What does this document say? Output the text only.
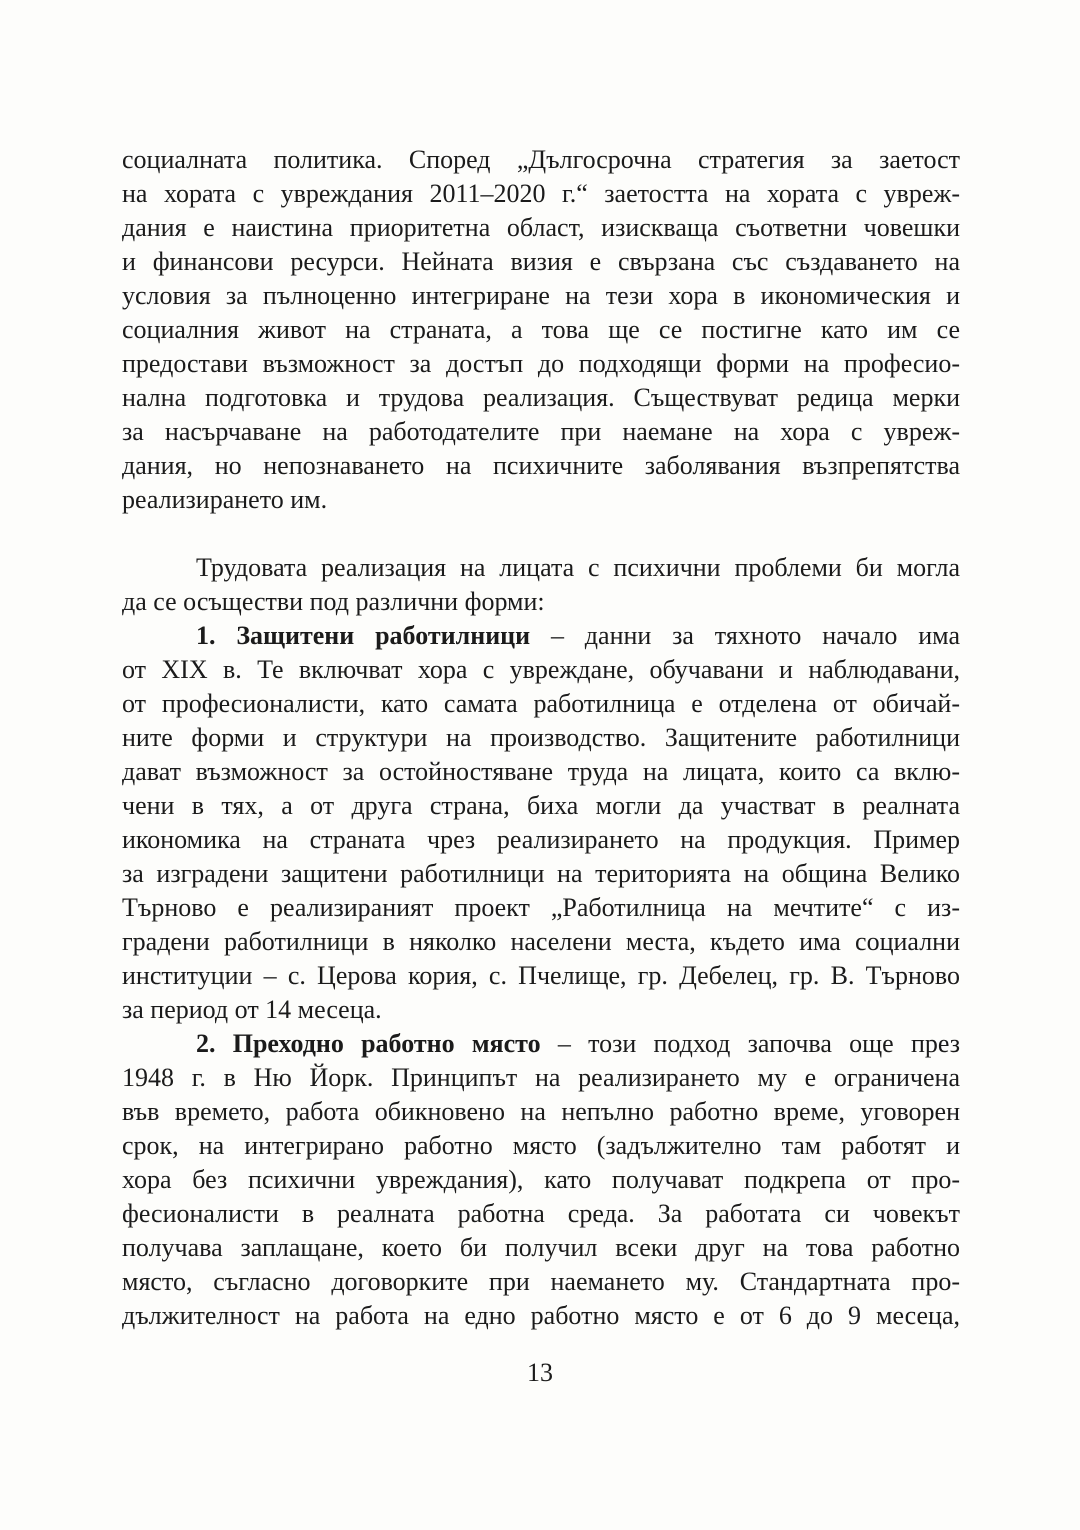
социалната политика. Според „Дългосрочна стратегия за заетост
на хората с увреждания 2011–2020 г.“ заетостта на хората с увреж-
дания е наистина приоритетна област, изискваща съответни човешки
и финансови ресурси. Нейната визия е свързана със създаването на
условия за пълноценно интегриране на тези хора в икономическия и
социалния живот на страната, а това ще се постигне като им се
предостави възможност за достъп до подходящи форми на професио-
нална подготовка и трудова реализация. Съществуват редица мерки
за насърчаване на работодателите при наемане на хора с увреж-
дания, но непознаването на психичните заболявания възпрепятства
реализирането им.
Трудовата реализация на лицата с психични проблеми би могла
да се осъществи под различни форми:
1. Защитени работилници – данни за тяхното начало има
от XIX в. Те включват хора с увреждане, обучавани и наблюдавани,
от професионалисти, като самата работилница е отделена от обичай-
ните форми и структури на производство. Защитените работилници
дават възможност за остойностяване труда на лицата, които са вклю-
чени в тях, а от друга страна, биха могли да участват в реалната
икономика на страната чрез реализирането на продукция. Пример
за изградени защитени работилници на територията на община Велико
Търново е реализираният проект „Работилница на мечтите“ с из-
градени работилници в няколко населени места, където има социални
институции – с. Церова кория, с. Пчелище, гр. Дебелец, гр. В. Търново
за период от 14 месеца.
2. Преходно работно място – този подход започва още през
1948 г. в Ню Йорк. Принципът на реализирането му е ограничена
във времето, работа обикновено на непълно работно време, уговорен
срок, на интегрирано работно място (задължително там работят и
хора без психични увреждания), като получават подкрепа от про-
фесионалисти в реалната работна среда. За работата си човекът
получава заплащане, което би получил всеки друг на това работно
място, съгласно договорките при наемането му. Стандартната про-
дължителност на работа на едно работно място е от 6 до 9 месеца,
13
